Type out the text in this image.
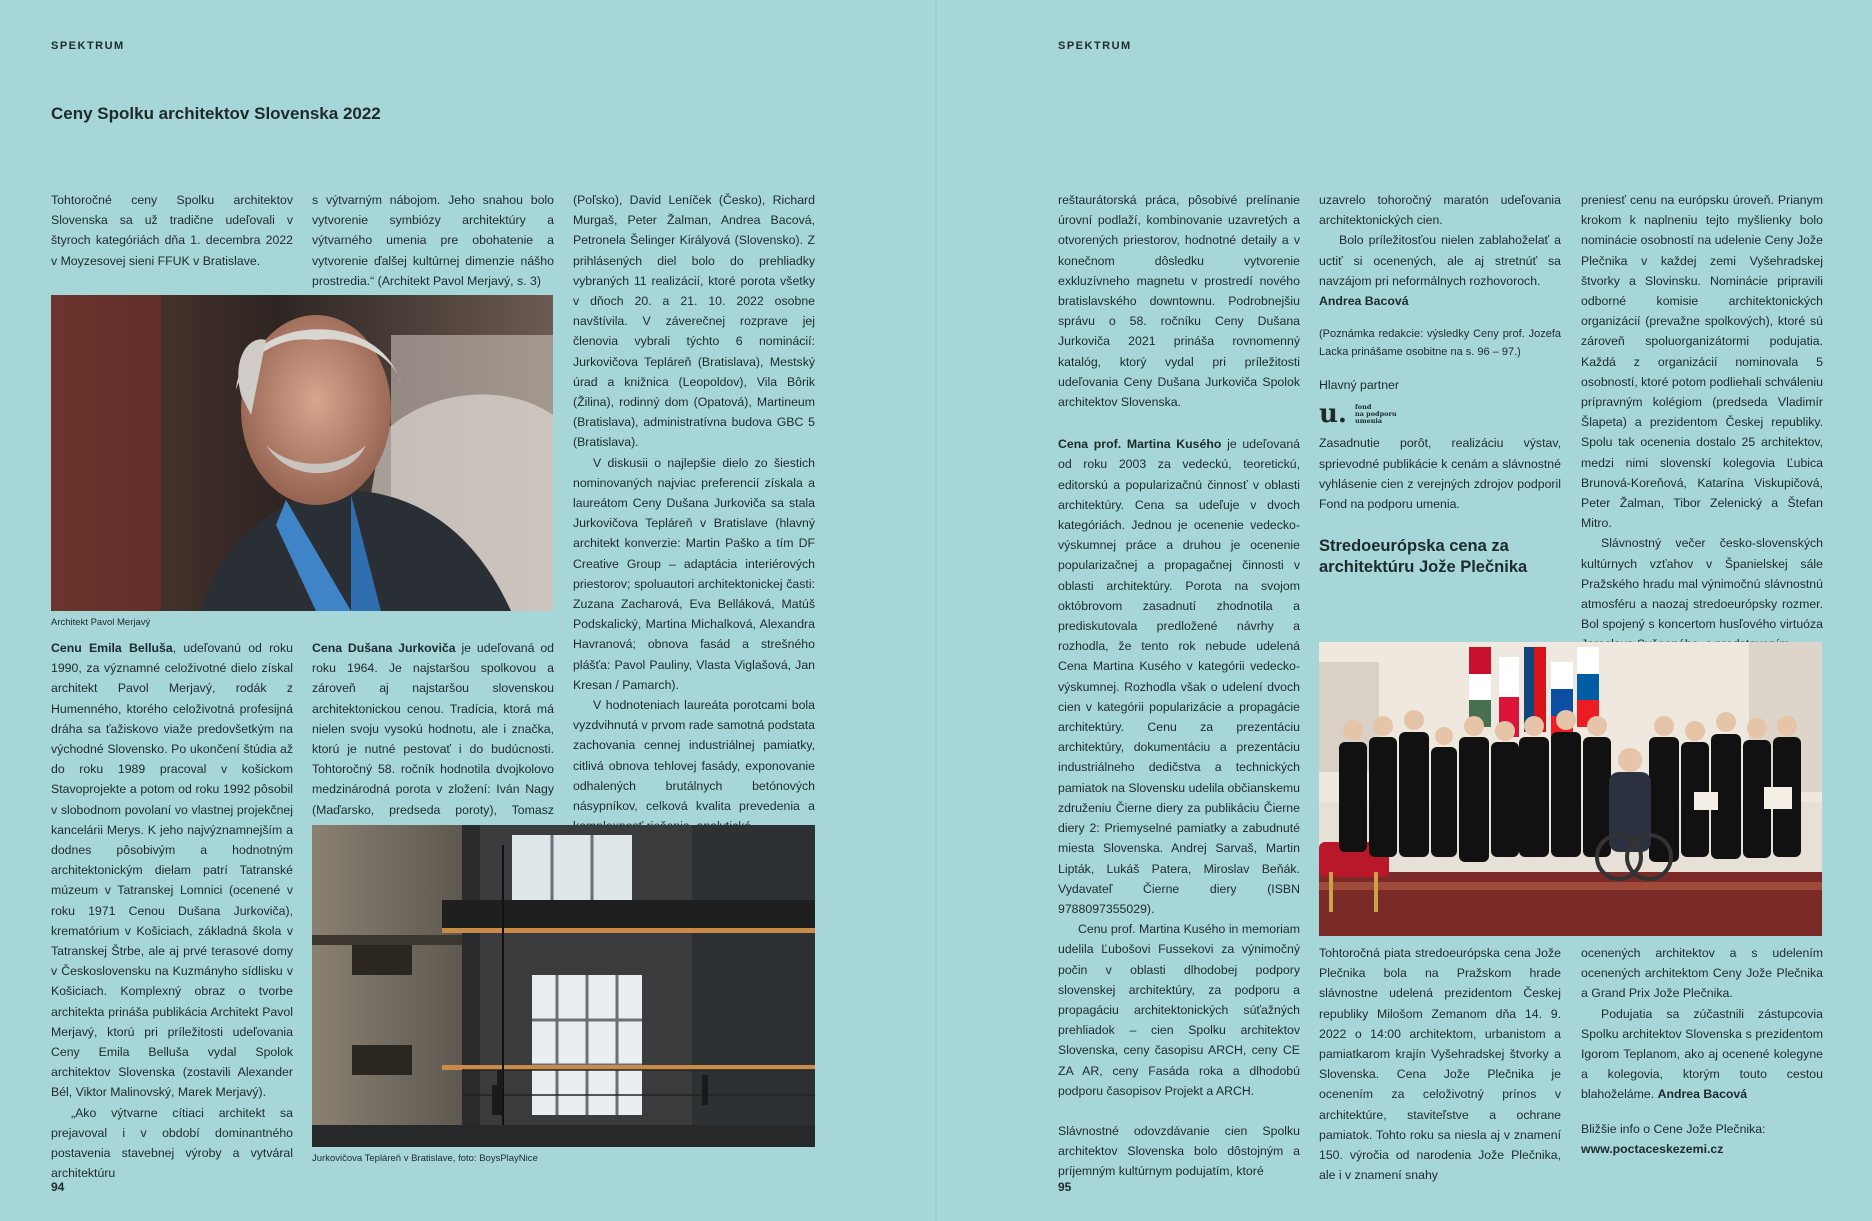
SPEKTRUM
Ceny Spolku architektov Slovenska 2022

Tohtoročné ceny Spolku architektov Slovenska sa už tradične udeľovali v štyroch kategóriách dňa 1. decembra 2022 v Moyzesovej sieni FFUK v Bratislave.

s výtvarným nábojom. Jeho snahou bolo vytvorenie symbiózy architektúry a výtvarného umenia pre obohatenie a vytvorenie ďalšej kultúrnej dimenzie nášho prostredia.“ (Architekt Pavol Merjavý, s. 3)

Architekt Pavol Merjavý

Cenu Emila Belluša, udeľovanú od roku 1990, za významné celoživotné dielo získal architekt Pavol Merjavý, rodák z Humenného, ktorého celoživotná profesijná dráha sa ťažiskovo viaže predovšetkým na východné Slovensko. Po ukončení štúdia až do roku 1989 pracoval v košickom Stavoprojekte a potom od roku 1992 pôsobil v slobodnom povolaní vo vlastnej projekčnej kancelárii Merys. K jeho najvýznamnejším a dodnes pôsobivým a hodnotným architektonickým dielam patrí Tatranské múzeum v Tatranskej Lomnici (ocenené v roku 1971 Cenou Dušana Jurkoviča), krematórium v Košiciach, základná škola v Tatranskej Štrbe, ale aj prvé terasové domy v Československu na Kuzmányho sídlisku v Košiciach. Komplexný obraz o tvorbe architekta prináša publikácia Architekt Pavol Merjavý, ktorú pri príležitosti udeľovania Ceny Emila Belluša vydal Spolok architektov Slovenska (zostavili Alexander Bél, Viktor Malinovský, Marek Merjavý).

„Ako výtvarne cítiaci architekt sa prejavoval i v období dominantného postavenia stavebnej výroby a vytváral architektúru

Cena Dušana Jurkoviča je udeľovaná od roku 1964. Je najstaršou spolkovou a zároveň aj najstaršou slovenskou architektonickou cenou. Tradícia, ktorá má nielen svoju vysokú hodnotu, ale i značka, ktorú je nutné pestovať i do budúcnosti. Tohtoročný 58. ročník hodnotila dvojkolovo medzinárodná porota v zložení: Iván Nagy (Maďarsko, predseda poroty), Tomasz

(Poľsko), David Leníček (Česko), Richard Murgaš, Peter Žalman, Andrea Bacová, Petronela Šelinger Királyová (Slovensko). Z prihlásených diel bolo do prehliadky vybraných 11 realizácií, ktoré porota všetky v dňoch 20. a 21. 10. 2022 osobne navštívila. V záverečnej rozprave jej členovia vybrali týchto 6 nominácií: Jurkovičova Tepláreň (Bratislava), Mestský úrad a knižnica (Leopoldov), Vila Bôrik (Žilina), rodinný dom (Opatová), Martineum (Bratislava), administratívna budova GBC 5 (Bratislava).

V diskusii o najlepšie dielo zo šiestich nominovaných najviac preferencií získala a laureátom Ceny Dušana Jurkoviča sa stala Jurkovičova Tepláreň v Bratislave (hlavný architekt konverzie: Martin Paško a tím DF Creative Group – adaptácia interiérových priestorov; spoluautori architektonickej časti: Zuzana Zacharová, Eva Belláková, Matúš Podskalický, Martina Michalková, Alexandra Havranová; obnova fasád a strešného plášťa: Pavol Pauliny, Vlasta Viglašová, Jan Kresan / Pamarch).

V hodnoteniach laureáta porotcami bola vyzdvihnutá v prvom rade samotná podstata zachovania cennej industriálnej pamiatky, citlivá obnova tehlovej fasády, exponovanie odhalených brutálnych betónových násypníkov, celková kvalita prevedenia a

Jurkovičova Tepláreň v Bratislave, foto: BoysPlayNice
94
SPEKTRUM

reštaurátorská práca, pôsobivé prelínanie úrovní podlaží, kombinovanie uzavretých a otvorených priestorov, hodnotné detaily a v konečnom dôsledku vytvorenie exkluzívneho magnetu v prostredí nového bratislavského downtownu. Podrobnejšiu správu o 58. ročníku Ceny Dušana Jurkoviča 2021 prináša rovnomenný katalóg, ktorý vydal pri príležitosti udeľovania Ceny Dušana Jurkoviča Spolok architektov Slovenska.

Cena prof. Martina Kusého je udeľovaná od roku 2003 za vedeckú, teoretickú, editorskú a popularizačnú činnosť v oblasti architektúry. Cena sa udeľuje v dvoch kategóriách. Jednou je ocenenie vedecko-výskumnej práce a druhou je ocenenie popularizačnej a propagačnej činnosti v oblasti architektúry. Porota na svojom októbrovom zasadnutí zhodnotila a prediskutovala predložené návrhy a rozhodla, že tento rok nebude udelená Cena Martina Kusého v kategórii vedecko-výskumnej. Rozhodla však o udelení dvoch cien v kategórii popularizácie a propagácie architektúry. Cenu za prezentáciu architektúry, dokumentáciu a prezentáciu industriálneho dedičstva a technických pamiatok na Slovensku udelila občianskemu združeniu Čierne diery za publikáciu Čierne diery 2: Priemyselné pamiatky a zabudnuté miesta Slovenska. Andrej Sarvaš, Martin Lipták, Lukáš Patera, Miroslav Beňák. Vydavateľ Čierne diery (ISBN 9788097355029).

Cenu prof. Martina Kusého in memoriam udelila Ľubošovi Fussekovi za výnimočný počin v oblasti dlhodobej podpory slovenskej architektúry, za podporu a propagáciu architektonických súťažných prehliadok – cien Spolku architektov Slovenska, ceny časopisu ARCH, ceny CE ZA AR, ceny Fasáda roka a dlhodobú podporu časopisov Projekt a ARCH.

Slávnostné odovzdávanie cien Spolku architektov Slovenska bolo dôstojným a príjemným kultúrnym podujatím, ktoré

uzavrelo tohoročný maratón udeľovania architektonických cien.

Bolo príležitosťou nielen zablahoželať a uctiť si ocenených, ale aj stretnúť sa navzájom pri neformálnych rozhovoroch.

Andrea Bacová

(Poznámka redakcie: výsledky Ceny prof. Jozefa Lacka prinášame osobitne na s. 96 – 97.)

Hlavný partner

u. fond
na podporu
umenia

Zasadnutie porôt, realizáciu výstav, sprievodné publikácie k cenám a slávnostné vyhlásenie cien z verejných zdrojov podporil Fond na podporu umenia.

Stredoeurópska cena za architektúru Jože Plečnika

preniesť cenu na európsku úroveň. Prianym krokom k naplneniu tejto myšlienky bolo nominácie osobností na udelenie Ceny Jože Plečnika v každej zemi Vyšehradskej štvorky a Slovinsku. Nominácie pripravili odborné komisie architektonických organizácií (prevažne spolkových), ktoré sú zároveň spoluorganizátormi podujatia. Každá z organizácií nominovala 5 osobností, ktoré potom podliehali schváleniu prípravným kolégiom (predseda Vladimír Šlapeta) a prezidentom Českej republiky. Spolu tak ocenenia dostalo 25 architektov, medzi nimi slovenskí kolegovia Ľubica Brunová-Koreňová, Katarína Viskupičová, Peter Žalman, Tibor Zelenický a Štefan Mitro.

Slávnostný večer česko-slovenských kultúrnych vzťahov v Španielskej sále Pražského hradu mal výnimočnú slávnostnú atmosféru a naozaj stredoeurópsky rozmer. Bol spojený s koncertom husľového virtuóza

Tohtoročná piata stredoeurópska cena Jože Plečnika bola na Pražskom hrade slávnostne udelená prezidentom Českej republiky Milošom Zemanom dňa 14. 9. 2022 o 14:00 architektom, urbanistom a pamiatkarom krajín Vyšehradskej štvorky a Slovenska. Cena Jože Plečnika je ocenením za celoživotný prínos v architektúre, staviteľstve a ochrane pamiatok. Tohto roku sa niesla aj v znamení 150. výročia od narodenia Jože Plečnika, ale i v znamení snahy

ocenených architektov a s udelením ocenených architektom Ceny Jože Plečnika a Grand Prix Jože Plečnika.

Podujatia sa zúčastnili zástupcovia Spolku architektov Slovenska s prezidentom Igorom Teplanom, ako aj ocenené kolegyne a kolegovia, ktorým touto cestou blahoželáme. Andrea Bacová

Bližšie info o Cene Jože Plečnika:

www.poctaceskezemi.cz

95
